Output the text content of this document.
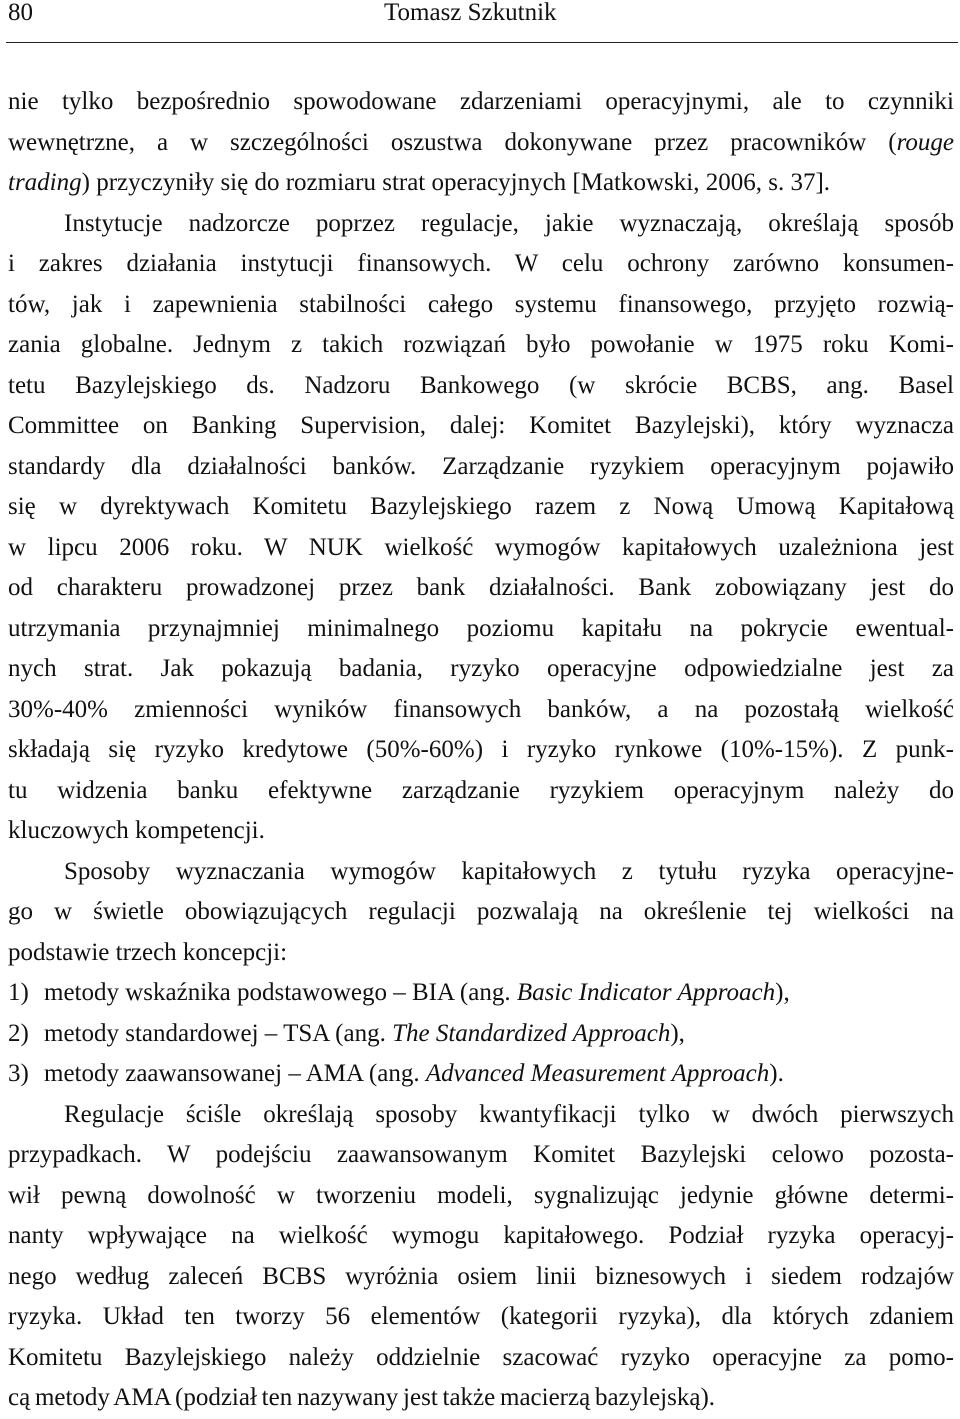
80	Tomasz Szkutnik
nie tylko bezpośrednio spowodowane zdarzeniami operacyjnymi, ale to czynniki
wewnętrzne, a w szczególności oszustwa dokonywane przez pracowników (rouge
trading) przyczyniły się do rozmiaru strat operacyjnych [Matkowski, 2006, s. 37].
Instytucje nadzorcze poprzez regulacje, jakie wyznaczają, określają sposób
i zakres działania instytucji finansowych. W celu ochrony zarówno konsumen-
tów, jak i zapewnienia stabilności całego systemu finansowego, przyjęto rozwią-
zania globalne. Jednym z takich rozwiązań było powołanie w 1975 roku Komi-
tetu Bazylejskiego ds. Nadzoru Bankowego (w skrócie BCBS, ang. Basel
Committee on Banking Supervision, dalej: Komitet Bazylejski), który wyznacza
standardy dla działalności banków. Zarządzanie ryzykiem operacyjnym pojawiło
się w dyrektywach Komitetu Bazylejskiego razem z Nową Umową Kapitałową
w lipcu 2006 roku. W NUK wielkość wymogów kapitałowych uzależniona jest
od charakteru prowadzonej przez bank działalności. Bank zobowiązany jest do
utrzymania przynajmniej minimalnego poziomu kapitału na pokrycie ewentual-
nych strat. Jak pokazują badania, ryzyko operacyjne odpowiedzialne jest za
30%-40% zmienności wyników finansowych banków, a na pozostałą wielkość
składają się ryzyko kredytowe (50%-60%) i ryzyko rynkowe (10%-15%). Z punk-
tu widzenia banku efektywne zarządzanie ryzykiem operacyjnym należy do
kluczowych kompetencji.
Sposoby wyznaczania wymogów kapitałowych z tytułu ryzyka operacyjne-
go w świetle obowiązujących regulacji pozwalają na określenie tej wielkości na
podstawie trzech koncepcji:
1) metody wskaźnika podstawowego – BIA (ang. Basic Indicator Approach),
2) metody standardowej – TSA (ang. The Standardized Approach),
3) metody zaawansowanej – AMA (ang. Advanced Measurement Approach).
Regulacje ściśle określają sposoby kwantyfikacji tylko w dwóch pierwszych
przypadkach. W podejściu zaawansowanym Komitet Bazylejski celowo pozosta-
wił pewną dowolność w tworzeniu modeli, sygnalizując jedynie główne determi-
nanty wpływające na wielkość wymogu kapitałowego. Podział ryzyka operacyj-
nego według zaleceń BCBS wyróżnia osiem linii biznesowych i siedem rodzajów
ryzyka. Układ ten tworzy 56 elementów (kategorii ryzyka), dla których zdaniem
Komitetu Bazylejskiego należy oddzielnie szacować ryzyko operacyjne za pomo-
cą metody AMA (podział ten nazywany jest także macierzą bazylejską).
